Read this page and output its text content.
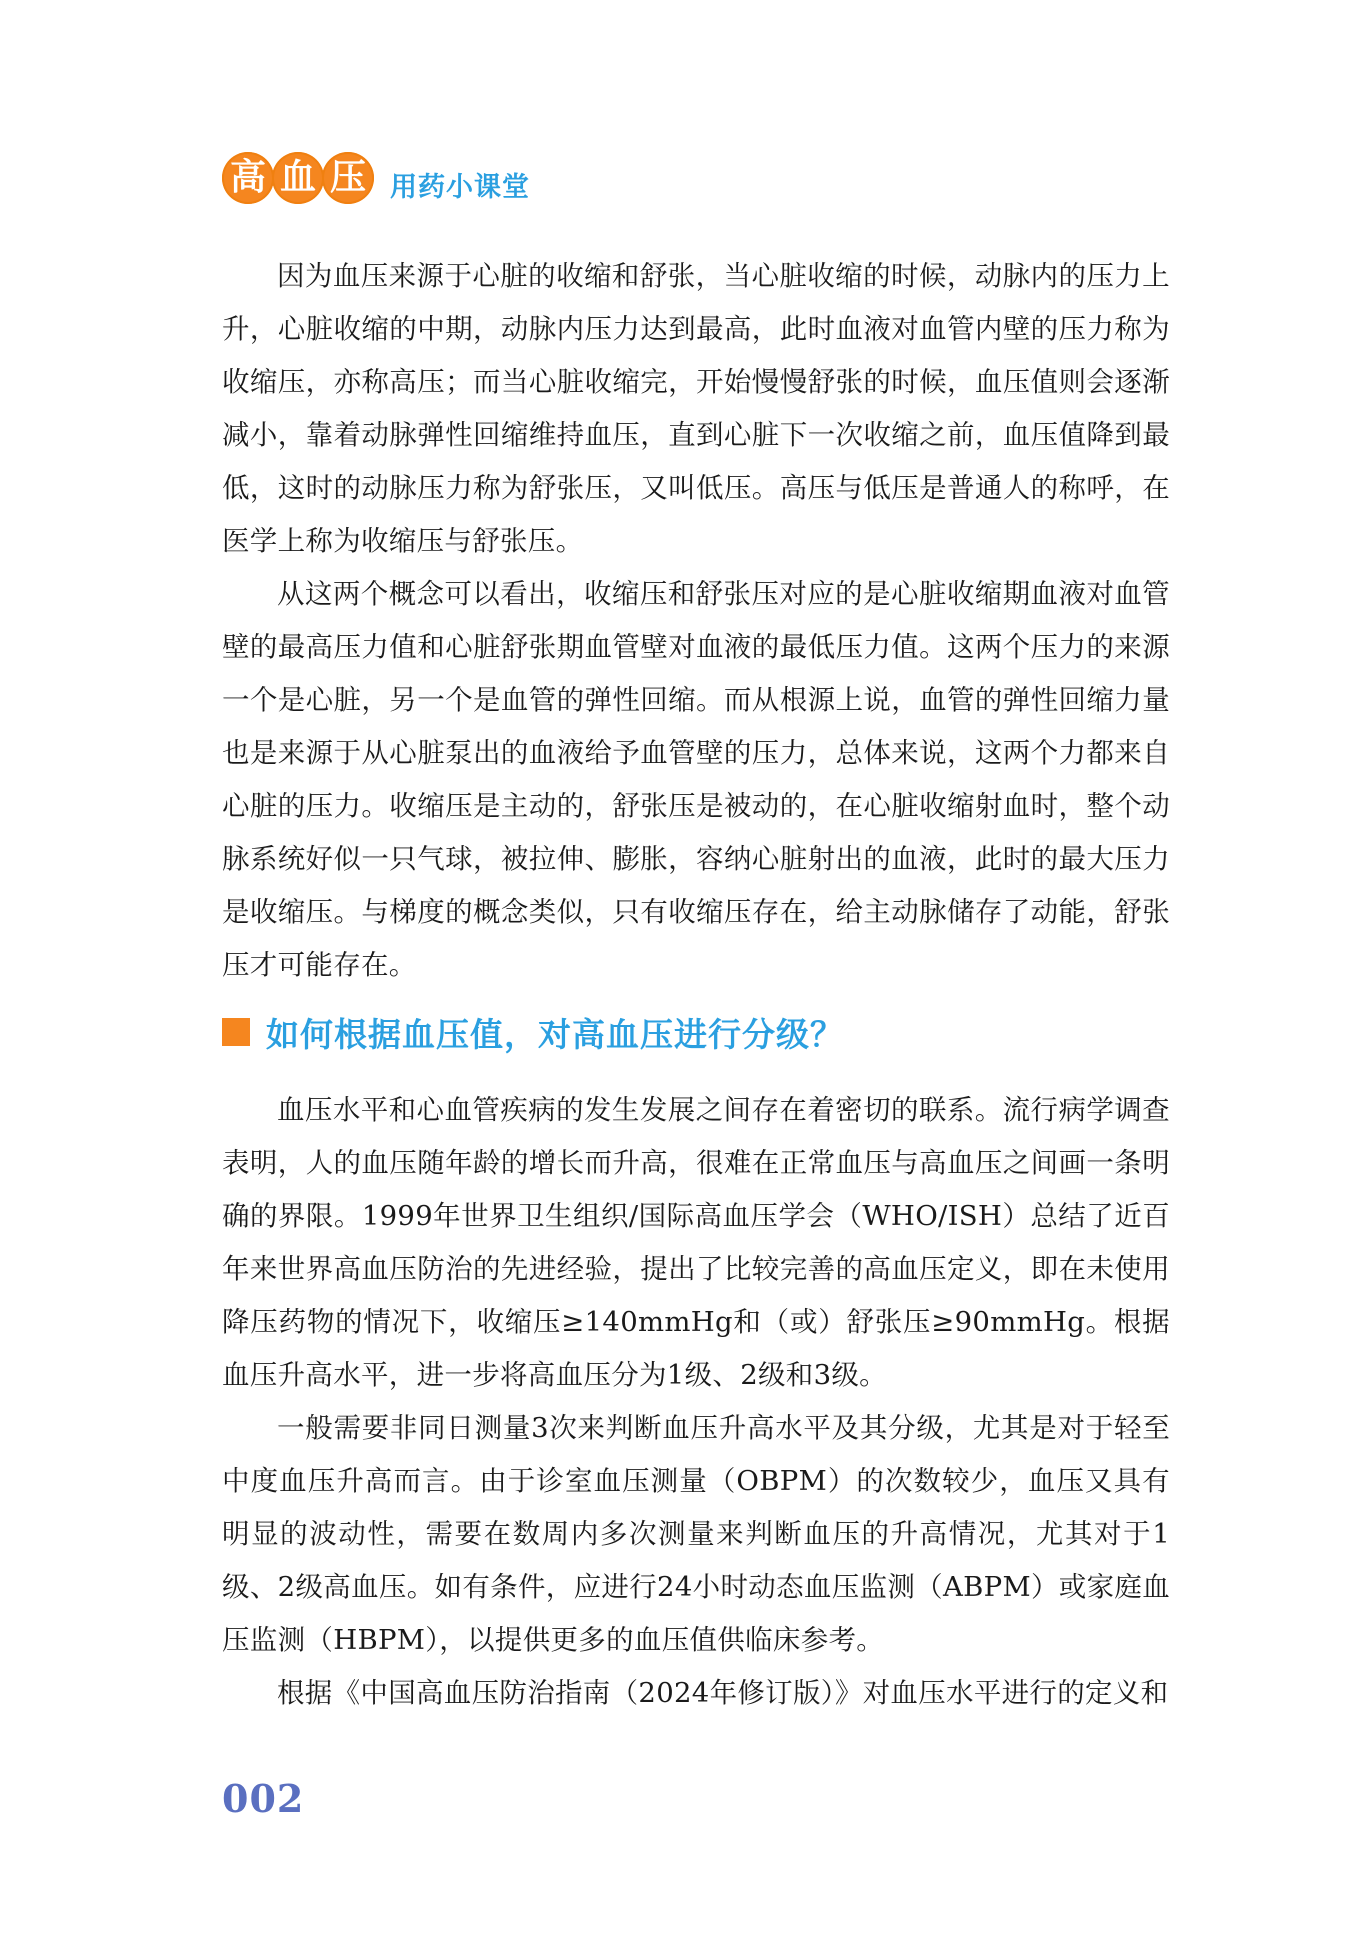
高 血 压 用药小课堂

因为血压来源于心脏的收缩和舒张，当心脏收缩的时候，动脉内的压力上升，心脏收缩的中期，动脉内压力达到最高，此时血液对血管内壁的压力称为收缩压，亦称高压；而当心脏收缩完，开始慢慢舒张的时候，血压值则会逐渐减小，靠着动脉弹性回缩维持血压，直到心脏下一次收缩之前，血压值降到最低，这时的动脉压力称为舒张压，又叫低压。高压与低压是普通人的称呼，在医学上称为收缩压与舒张压。

从这两个概念可以看出，收缩压和舒张压对应的是心脏收缩期血液对血管壁的最高压力值和心脏舒张期血管壁对血液的最低压力值。这两个压力的来源一个是心脏，另一个是血管的弹性回缩。而从根源上说，血管的弹性回缩力量也是来源于从心脏泵出的血液给予血管壁的压力，总体来说，这两个力都来自心脏的压力。收缩压是主动的，舒张压是被动的，在心脏收缩射血时，整个动脉系统好似一只气球，被拉伸、膨胀，容纳心脏射出的血液，此时的最大压力是收缩压。与梯度的概念类似，只有收缩压存在，给主动脉储存了动能，舒张压才可能存在。

如何根据血压值，对高血压进行分级？

血压水平和心血管疾病的发生发展之间存在着密切的联系。流行病学调查表明，人的血压随年龄的增长而升高，很难在正常血压与高血压之间画一条明确的界限。1999年世界卫生组织/国际高血压学会（WHO/ISH）总结了近百年来世界高血压防治的先进经验，提出了比较完善的高血压定义，即在未使用降压药物的情况下，收缩压≥140mmHg和（或）舒张压≥90mmHg。根据血压升高水平，进一步将高血压分为1级、2级和3级。

一般需要非同日测量3次来判断血压升高水平及其分级，尤其是对于轻至中度血压升高而言。由于诊室血压测量（OBPM）的次数较少，血压又具有明显的波动性，需要在数周内多次测量来判断血压的升高情况，尤其对于1级、2级高血压。如有条件，应进行24小时动态血压监测（ABPM）或家庭血压监测（HBPM），以提供更多的血压值供临床参考。

根据《中国高血压防治指南（2024年修订版）》对血压水平进行的定义和

002
